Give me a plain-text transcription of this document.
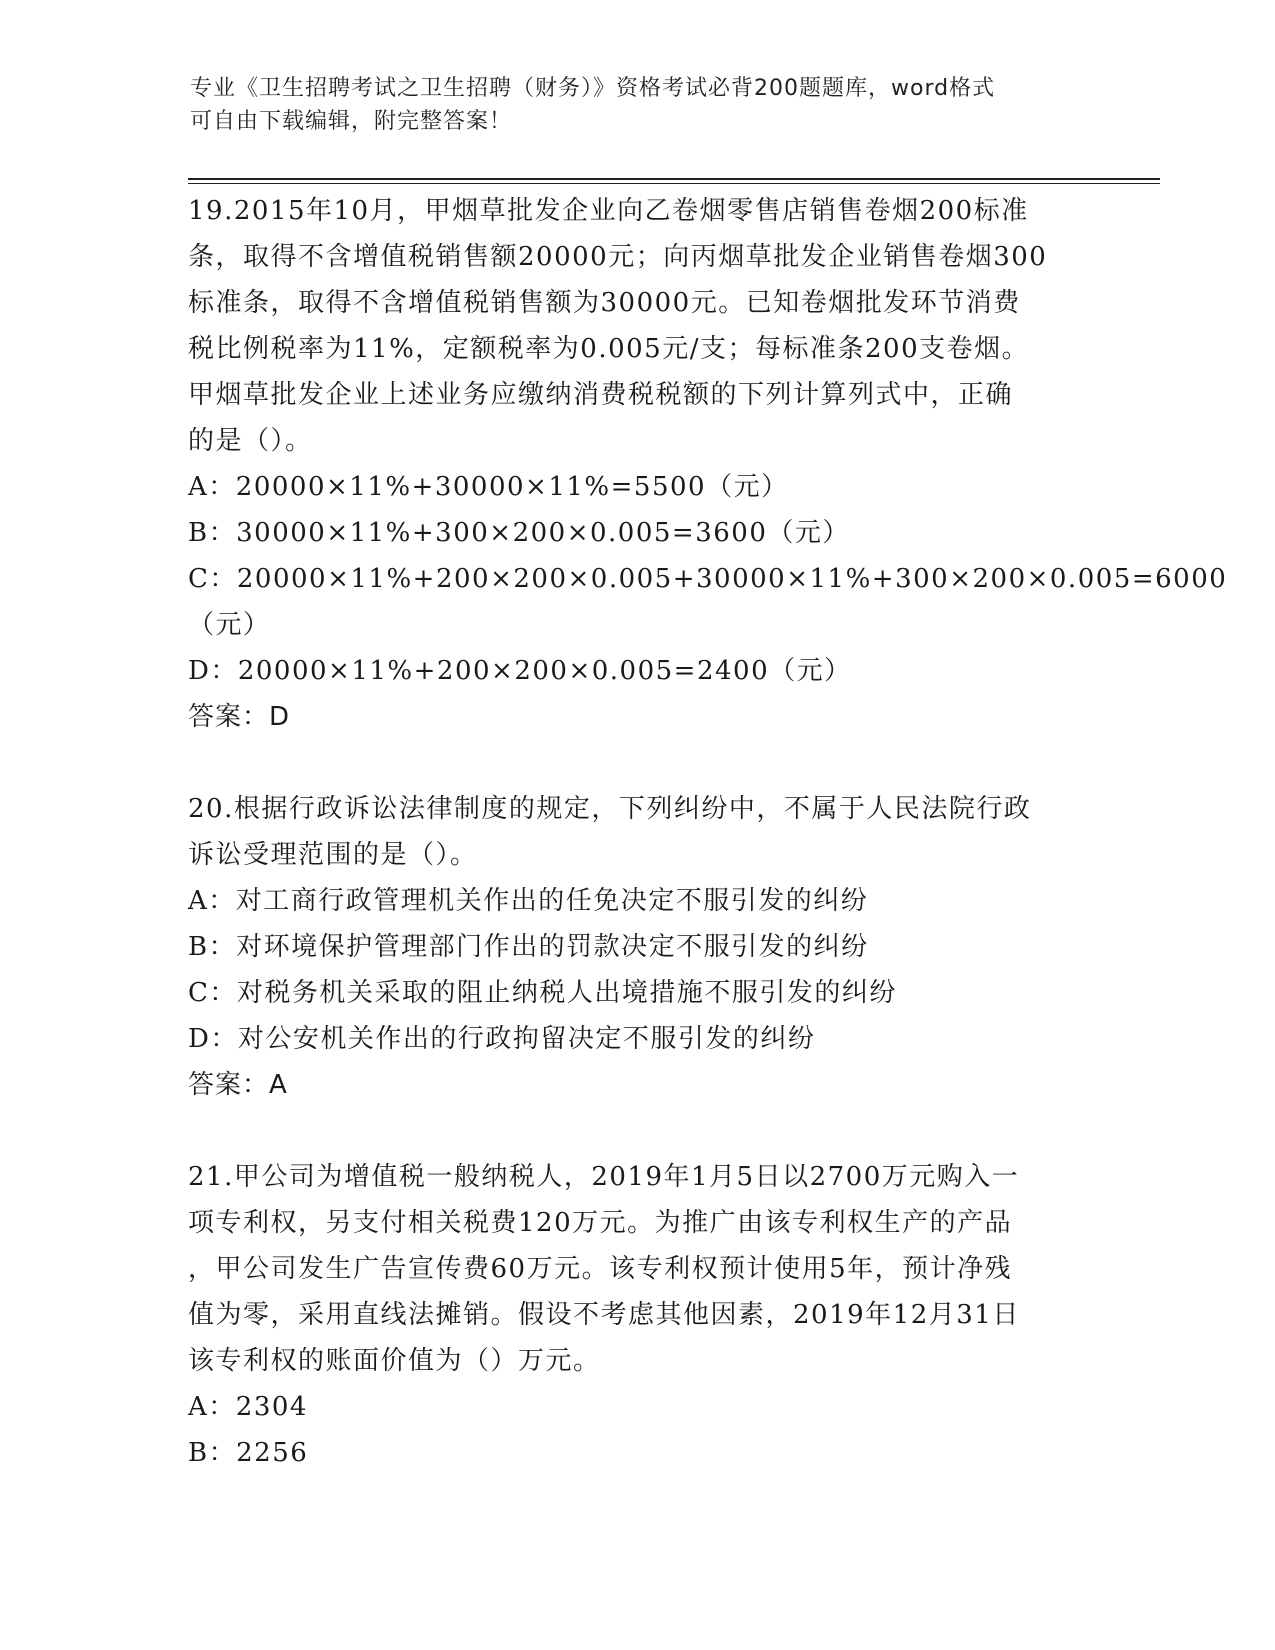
专业《卫生招聘考试之卫生招聘（财务）》资格考试必背200题题库，word格式
可自由下载编辑，附完整答案！
19.2015年10月，甲烟草批发企业向乙卷烟零售店销售卷烟200标准
条，取得不含增值税销售额20000元；向丙烟草批发企业销售卷烟300
标准条，取得不含增值税销售额为30000元。已知卷烟批发环节消费
税比例税率为11%，定额税率为0.005元/支；每标准条200支卷烟。
甲烟草批发企业上述业务应缴纳消费税税额的下列计算列式中，正确
的是（）。
A：20000×11%+30000×11%=5500（元）
B：30000×11%+300×200×0.005=3600（元）
C：20000×11%+200×200×0.005+30000×11%+300×200×0.005=6000
（元）
D：20000×11%+200×200×0.005=2400（元）
答案：D
20.根据行政诉讼法律制度的规定，下列纠纷中，不属于人民法院行政
诉讼受理范围的是（）。
A：对工商行政管理机关作出的任免决定不服引发的纠纷
B：对环境保护管理部门作出的罚款决定不服引发的纠纷
C：对税务机关采取的阻止纳税人出境措施不服引发的纠纷
D：对公安机关作出的行政拘留决定不服引发的纠纷
答案：A
21.甲公司为增值税一般纳税人，2019年1月5日以2700万元购入一
项专利权，另支付相关税费120万元。为推广由该专利权生产的产品
，甲公司发生广告宣传费60万元。该专利权预计使用5年，预计净残
值为零，采用直线法摊销。假设不考虑其他因素，2019年12月31日
该专利权的账面价值为（）万元。
A：2304
B：2256
